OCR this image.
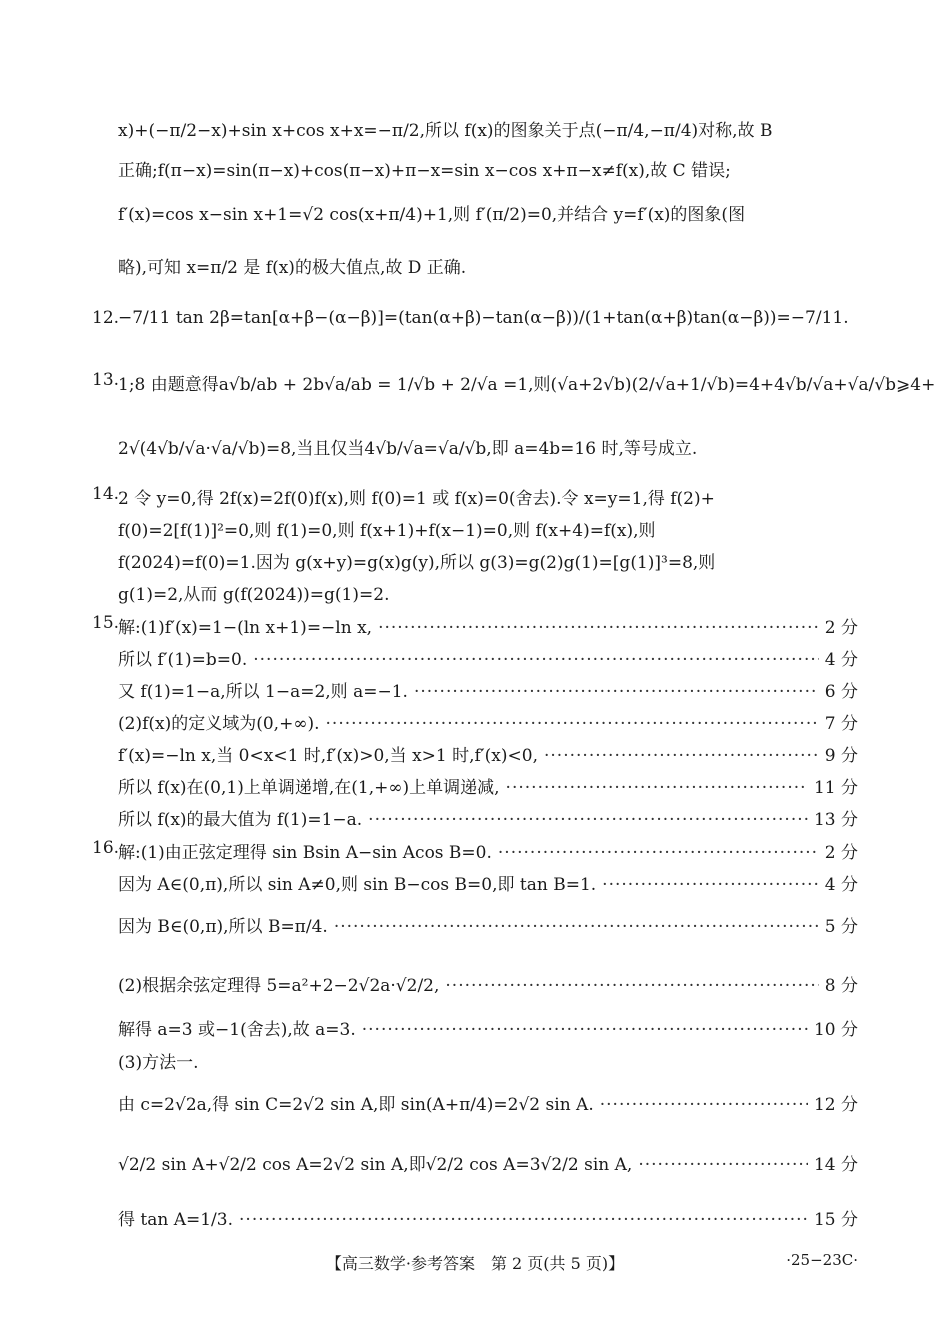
x)+(−π/2−x)+sin x+cos x+x=−π/2,所以 f(x)的图象关于点(−π/4,−π/4)对称,故 B
正确;f(π−x)=sin(π−x)+cos(π−x)+π−x=sin x−cos x+π−x≠f(x),故 C 错误;
f′(x)=cos x−sin x+1=√2 cos(x+π/4)+1,则 f′(π/2)=0,并结合 y=f′(x)的图象(图
略),可知 x=π/2 是 f(x)的极大值点,故 D 正确.
12.
−7/11 tan 2β=tan[α+β−(α−β)]=(tan(α+β)−tan(α−β))/(1+tan(α+β)tan(α−β))=−7/11.
13.
1;8 由题意得a√b/ab + 2b√a/ab = 1/√b + 2/√a =1,则(√a+2√b)(2/√a+1/√b)=4+4√b/√a+√a/√b⩾4+
2√(4√b/√a·√a/√b)=8,当且仅当4√b/√a=√a/√b,即 a=4b=16 时,等号成立.
14.
2 令 y=0,得 2f(x)=2f(0)f(x),则 f(0)=1 或 f(x)=0(舍去).令 x=y=1,得 f(2)+
f(0)=2[f(1)]²=0,则 f(1)=0,则 f(x+1)+f(x−1)=0,则 f(x+4)=f(x),则
f(2024)=f(0)=1.因为 g(x+y)=g(x)g(y),所以 g(3)=g(2)g(1)=[g(1)]³=8,则
g(1)=2,从而 g(f(2024))=g(1)=2.
15.
解:(1)f′(x)=1−(ln x+1)=−ln x, ·····	2 分
所以 f′(1)=b=0. ·····	4 分
又 f(1)=1−a,所以 1−a=2,则 a=−1. ·····	6 分
(2)f(x)的定义域为(0,+∞). ·····	7 分
f′(x)=−ln x,当 0<x<1 时,f′(x)>0,当 x>1 时,f′(x)<0, ·····	9 分
所以 f(x)在(0,1)上单调递增,在(1,+∞)上单调递减, ·····	11 分
所以 f(x)的最大值为 f(1)=1−a. ·····	13 分
16.
解:(1)由正弦定理得 sin Bsin A−sin Acos B=0. ·····	2 分
因为 A∈(0,π),所以 sin A≠0,则 sin B−cos B=0,即 tan B=1. ·····	4 分
因为 B∈(0,π),所以 B=π/4. ·····	5 分
(2)根据余弦定理得 5=a²+2−2√2a·√2/2, ·····	8 分
解得 a=3 或−1(舍去),故 a=3. ·····	10 分
(3)方法一.
由 c=2√2a,得 sin C=2√2 sin A,即 sin(A+π/4)=2√2 sin A. ·····	12 分
√2/2 sin A+√2/2 cos A=2√2 sin A,即√2/2 cos A=3√2/2 sin A, ·····	14 分
得 tan A=1/3. ·····	15 分
【高三数学·参考答案　第 2 页(共 5 页)】	·25−23C·
